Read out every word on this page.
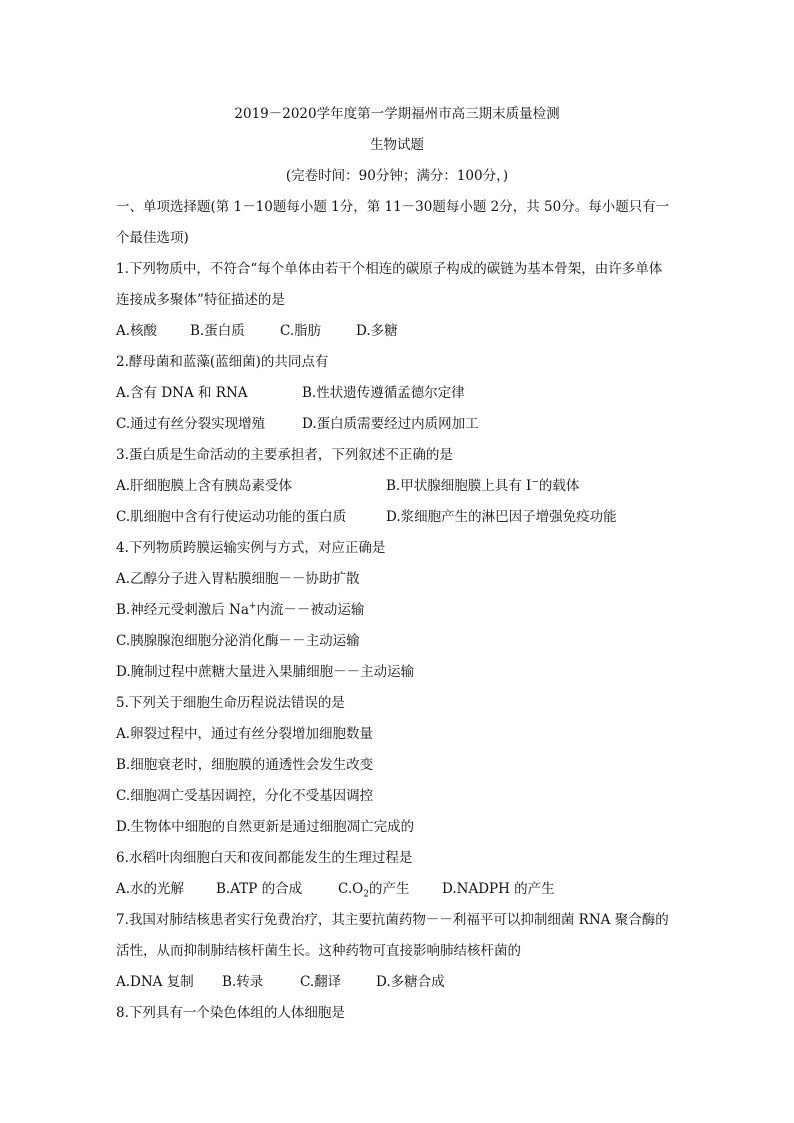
2019－2020学年度第一学期福州市高三期末质量检测
生物试题
(完卷时间：90分钟；满分：100分，)
一、单项选择题(第 1－10题每小题 1分，第 11－30题每小题 2分，共 50分。每小题只有一
个最佳选项)
1.下列物质中，不符合“每个单体由若干个相连的碳原子构成的碳链为基本骨架，由许多单体
连接成多聚体”特征描述的是
A.核酸 B.蛋白质	C.脂肪	D.多糖
2.酵母菌和蓝藻(蓝细菌)的共同点有
A.含有 DNA 和 RNA	B.性状遗传遵循孟德尔定律
C.通过有丝分裂实现增殖	D.蛋白质需要经过内质网加工
3.蛋白质是生命活动的主要承担者，下列叙述不正确的是
A.肝细胞膜上含有胰岛素受体	B.甲状腺细胞膜上具有 I−的载体
C.肌细胞中含有行使运动功能的蛋白质	D.浆细胞产生的淋巴因子增强免疫功能
4.下列物质跨膜运输实例与方式，对应正确是
A.乙醇分子进入胃粘膜细胞－－协助扩散
B.神经元受刺激后 Na+内流－－被动运输
C.胰腺腺泡细胞分泌消化酶－－主动运输
D.腌制过程中蔗糖大量进入果脯细胞－－主动运输
5.下列关于细胞生命历程说法错误的是
A.卵裂过程中，通过有丝分裂增加细胞数量
B.细胞衰老时，细胞膜的通透性会发生改变
C.细胞凋亡受基因调控，分化不受基因调控
D.生物体中细胞的自然更新是通过细胞凋亡完成的
6.水稻叶肉细胞白天和夜间都能发生的生理过程是
A.水的光解 B.ATP 的合成	$C.O_2$的产生 D.NADPH 的产生
7.我国对肺结核患者实行免费治疗，其主要抗菌药物－－利福平可以抑制细菌 RNA 聚合酶的
活性，从而抑制肺结核杆菌生长。这种药物可直接影响肺结核杆菌的
A.DNA 复制 B.转录	C.翻译	D.多糖合成
8.下列具有一个染色体组的人体细胞是
